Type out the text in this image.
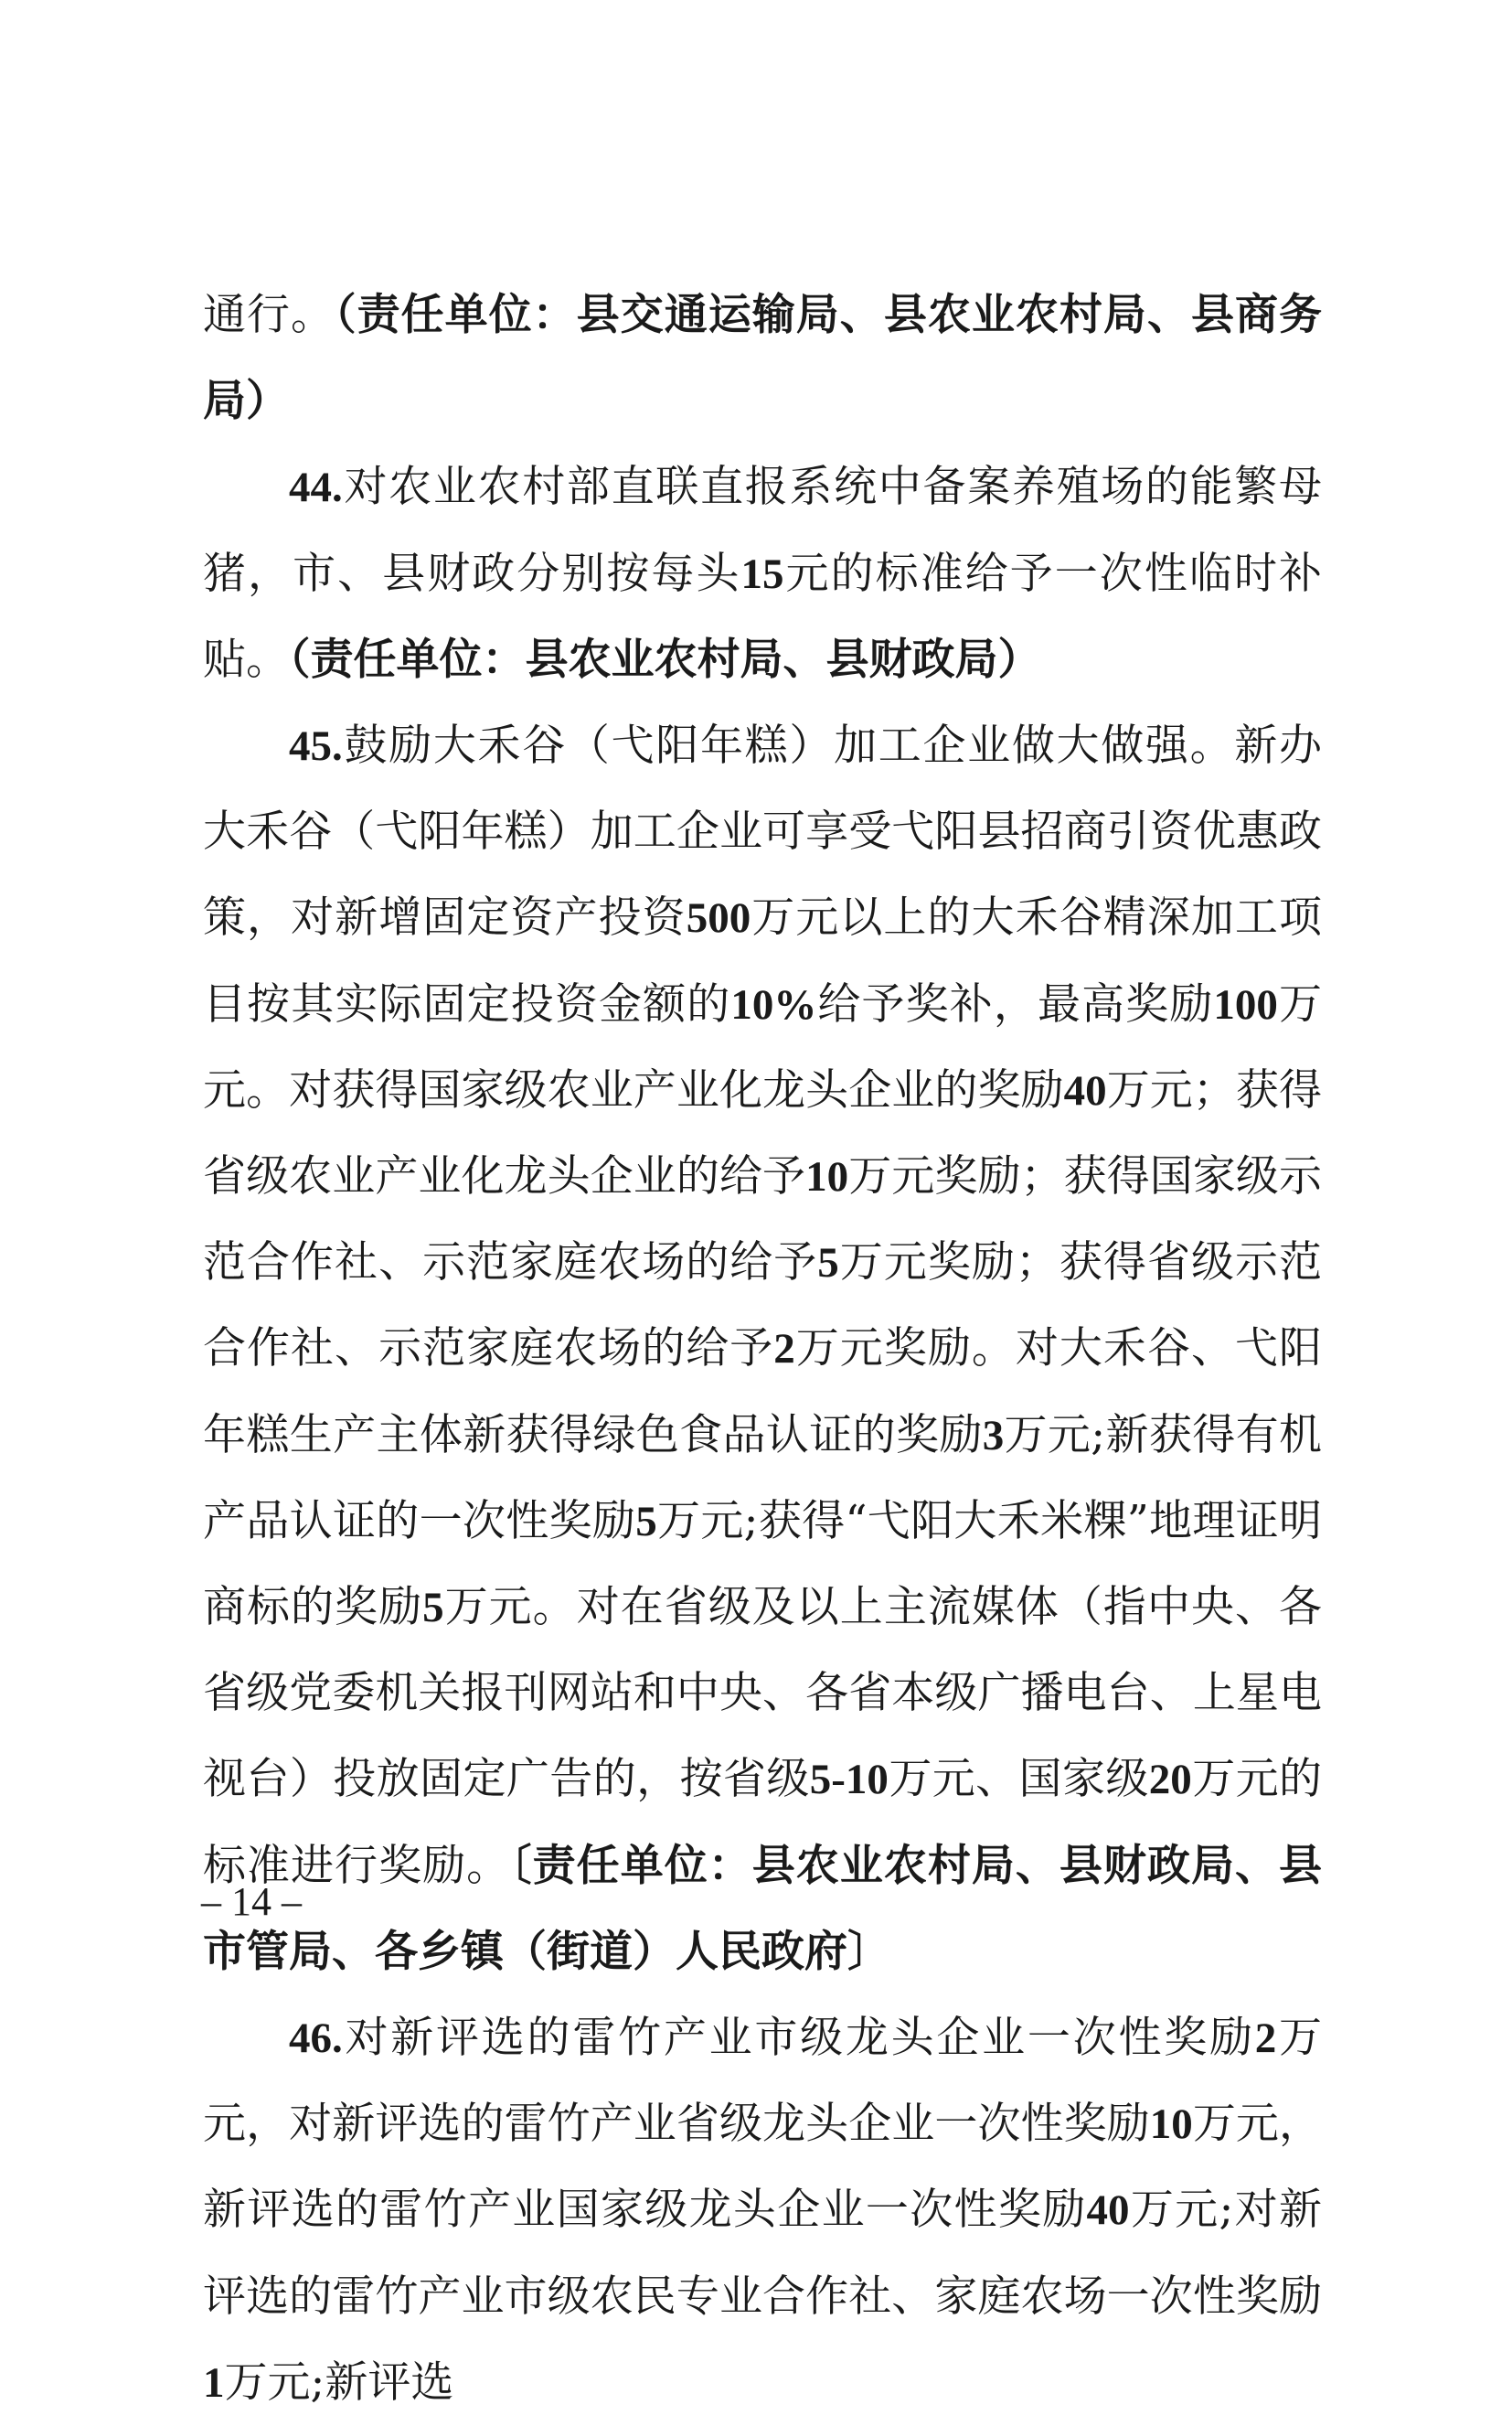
通行。（责任单位：县交通运输局、县农业农村局、县商务局）

44.对农业农村部直联直报系统中备案养殖场的能繁母猪，市、县财政分别按每头15元的标准给予一次性临时补贴。（责任单位：县农业农村局、县财政局）

45.鼓励大禾谷（弋阳年糕）加工企业做大做强。新办大禾谷（弋阳年糕）加工企业可享受弋阳县招商引资优惠政策，对新增固定资产投资500万元以上的大禾谷精深加工项目按其实际固定投资金额的10%给予奖补，最高奖励100万元。对获得国家级农业产业化龙头企业的奖励40万元；获得省级农业产业化龙头企业的给予10万元奖励；获得国家级示范合作社、示范家庭农场的给予5万元奖励；获得省级示范合作社、示范家庭农场的给予2万元奖励。对大禾谷、弋阳年糕生产主体新获得绿色食品认证的奖励3万元;新获得有机产品认证的一次性奖励5万元;获得“弋阳大禾米粿”地理证明商标的奖励5万元。对在省级及以上主流媒体（指中央、各省级党委机关报刊网站和中央、各省本级广播电台、上星电视台）投放固定广告的，按省级5-10万元、国家级20万元的标准进行奖励。〔责任单位：县农业农村局、县财政局、县市管局、各乡镇（街道）人民政府〕

46.对新评选的雷竹产业市级龙头企业一次性奖励2万元，对新评选的雷竹产业省级龙头企业一次性奖励10万元，新评选的雷竹产业国家级龙头企业一次性奖励40万元;对新评选的雷竹产业市级农民专业合作社、家庭农场一次性奖励1万元;新评选

– 14 –
